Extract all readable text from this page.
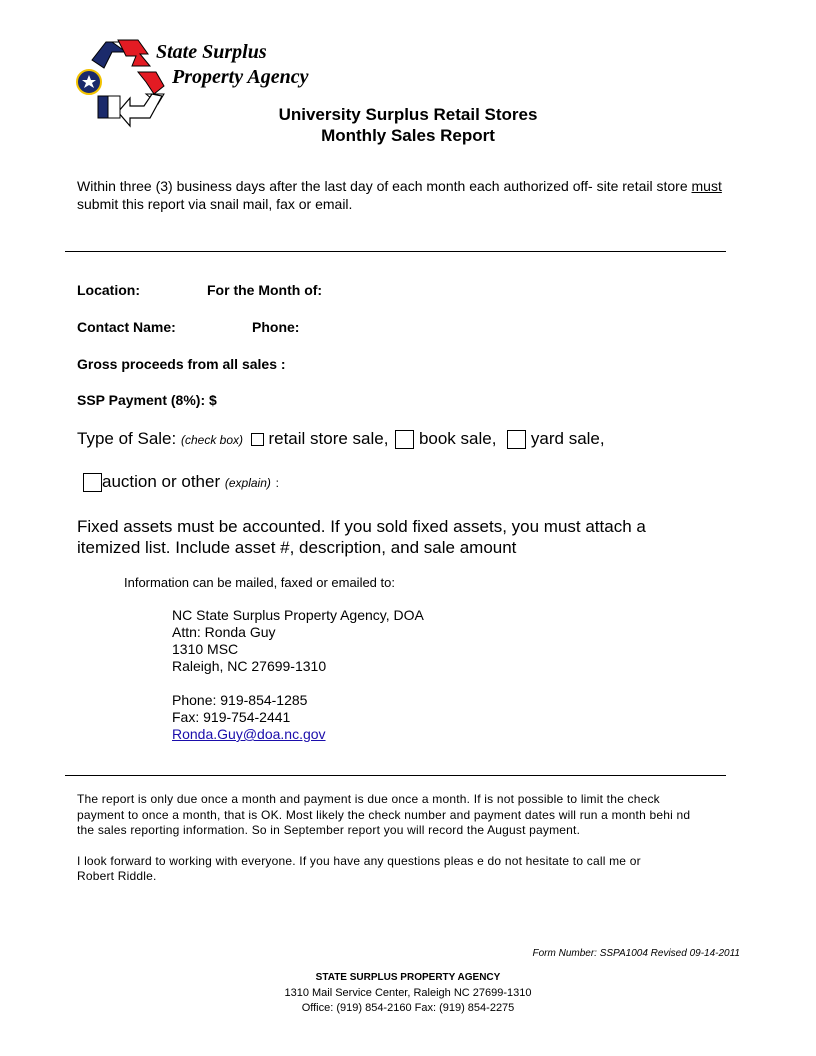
State Surplus
Property Agency
University Surplus Retail Stores
Monthly Sales Report
Within three (3) business days after the last day of each month each authorized off- site retail store must submit this report via snail mail, fax or email.
Location:	For the Month of:
Contact Name:	Phone:
Gross proceeds from all sales :
SSP Payment (8%): $
Type of Sale: (check box) retail store sale, book sale, yard sale,
auction or other (explain) :
Fixed assets must be accounted. If you sold fixed assets, you must attach a
itemized list. Include asset #, description, and sale amount
Information can be mailed, faxed or emailed to:
NC State Surplus Property Agency, DOA
Attn: Ronda Guy
1310 MSC
Raleigh, NC 27699-1310
Phone: 919-854-1285
Fax: 919-754-2441
Ronda.Guy@doa.nc.gov
The report is only due once a month and payment is due once a month. If is not possible to limit the check
payment to once a month, that is OK. Most likely the check number and payment dates will run a month behi nd
the sales reporting information. So in September report you will record the August payment.
I look forward to working with everyone. If you have any questions pleas e do not hesitate to call me or
Robert Riddle.
Form Number: SSPA1004 Revised 09-14-2011
STATE SURPLUS PROPERTY AGENCY
1310 Mail Service Center, Raleigh NC 27699-1310
Office: (919) 854-2160 Fax: (919) 854-2275
